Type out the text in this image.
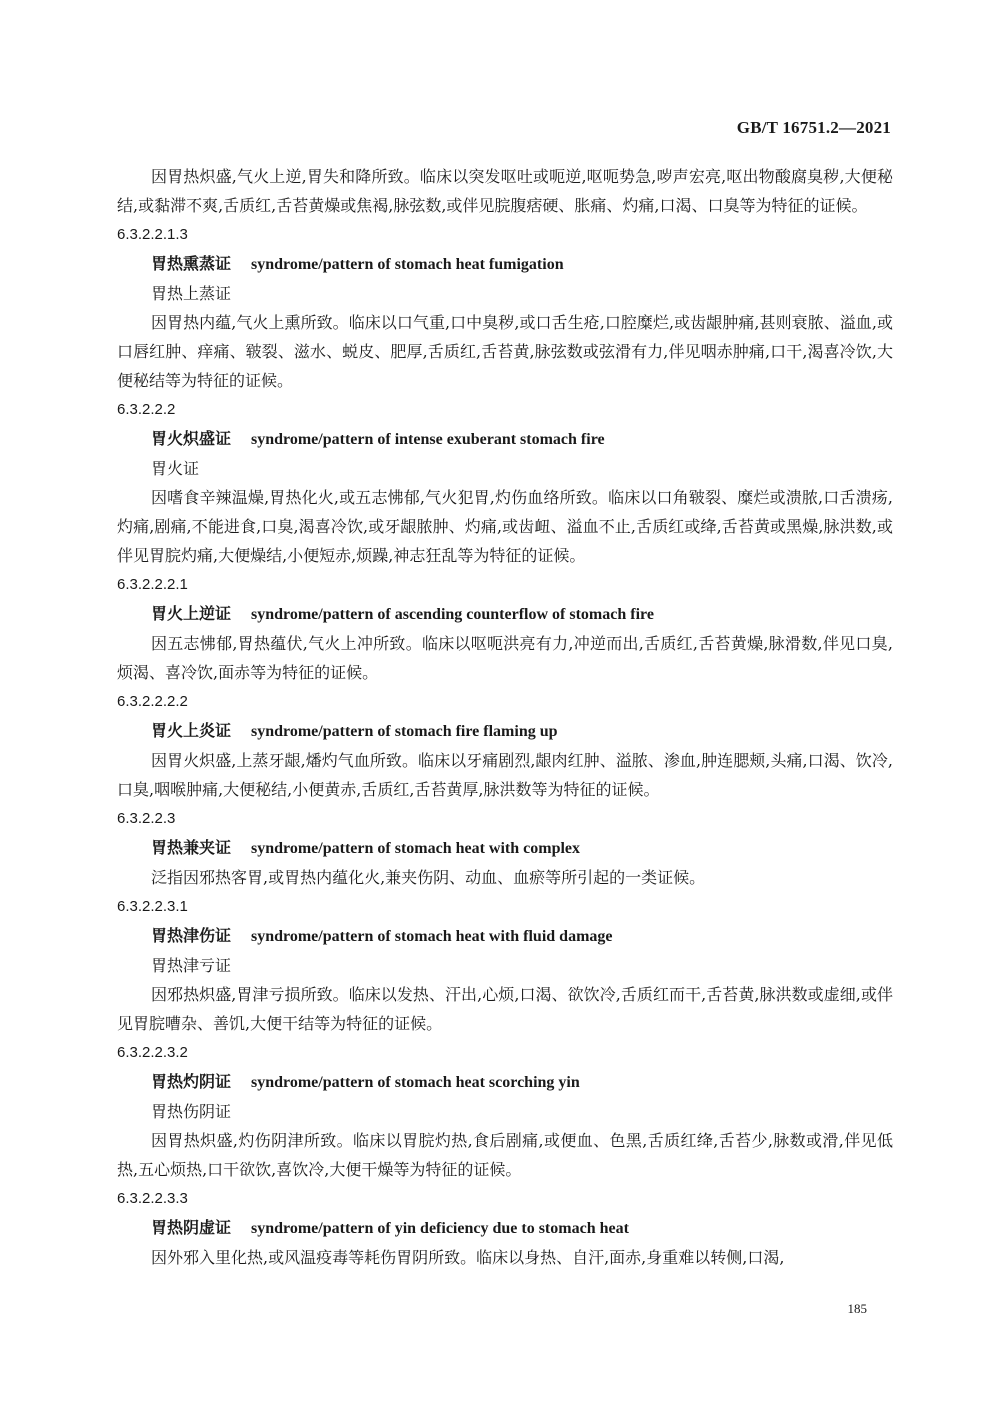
GB/T 16751.2—2021

因胃热炽盛,气火上逆,胃失和降所致。临床以突发呕吐或呃逆,呕呃势急,哕声宏亮,呕出物酸腐臭秽,大便秘结,或黏滞不爽,舌质红,舌苔黄燥或焦褐,脉弦数,或伴见脘腹痞硬、胀痛、灼痛,口渴、口臭等为特征的证候。

6.3.2.2.1.3

胃热熏蒸证 syndrome/pattern of stomach heat fumigation

胃热上蒸证

因胃热内蕴,气火上熏所致。临床以口气重,口中臭秽,或口舌生疮,口腔糜烂,或齿龈肿痛,甚则衰脓、溢血,或口唇红肿、痒痛、皲裂、滋水、蜕皮、肥厚,舌质红,舌苔黄,脉弦数或弦滑有力,伴见咽赤肿痛,口干,渴喜冷饮,大便秘结等为特征的证候。

6.3.2.2.2

胃火炽盛证 syndrome/pattern of intense exuberant stomach fire

胃火证

因嗜食辛辣温燥,胃热化火,或五志怫郁,气火犯胃,灼伤血络所致。临床以口角皲裂、糜烂或溃脓,口舌溃疡,灼痛,剧痛,不能进食,口臭,渴喜冷饮,或牙龈脓肿、灼痛,或齿衄、溢血不止,舌质红或绛,舌苔黄或黑燥,脉洪数,或伴见胃脘灼痛,大便燥结,小便短赤,烦躁,神志狂乱等为特征的证候。

6.3.2.2.2.1

胃火上逆证 syndrome/pattern of ascending counterflow of stomach fire

因五志怫郁,胃热蕴伏,气火上冲所致。临床以呕呃洪亮有力,冲逆而出,舌质红,舌苔黄燥,脉滑数,伴见口臭,烦渴、喜冷饮,面赤等为特征的证候。

6.3.2.2.2.2

胃火上炎证 syndrome/pattern of stomach fire flaming up

因胃火炽盛,上蒸牙龈,燔灼气血所致。临床以牙痛剧烈,龈肉红肿、溢脓、渗血,肿连腮颊,头痛,口渴、饮冷,口臭,咽喉肿痛,大便秘结,小便黄赤,舌质红,舌苔黄厚,脉洪数等为特征的证候。

6.3.2.2.3

胃热兼夹证 syndrome/pattern of stomach heat with complex

泛指因邪热客胃,或胃热内蕴化火,兼夹伤阴、动血、血瘀等所引起的一类证候。

6.3.2.2.3.1

胃热津伤证 syndrome/pattern of stomach heat with fluid damage

胃热津亏证

因邪热炽盛,胃津亏损所致。临床以发热、汗出,心烦,口渴、欲饮冷,舌质红而干,舌苔黄,脉洪数或虚细,或伴见胃脘嘈杂、善饥,大便干结等为特征的证候。

6.3.2.2.3.2

胃热灼阴证 syndrome/pattern of stomach heat scorching yin

胃热伤阴证

因胃热炽盛,灼伤阴津所致。临床以胃脘灼热,食后剧痛,或便血、色黑,舌质红绛,舌苔少,脉数或滑,伴见低热,五心烦热,口干欲饮,喜饮冷,大便干燥等为特征的证候。

6.3.2.2.3.3

胃热阴虚证 syndrome/pattern of yin deficiency due to stomach heat

因外邪入里化热,或风温疫毒等耗伤胃阴所致。临床以身热、自汗,面赤,身重难以转侧,口渴,

185
